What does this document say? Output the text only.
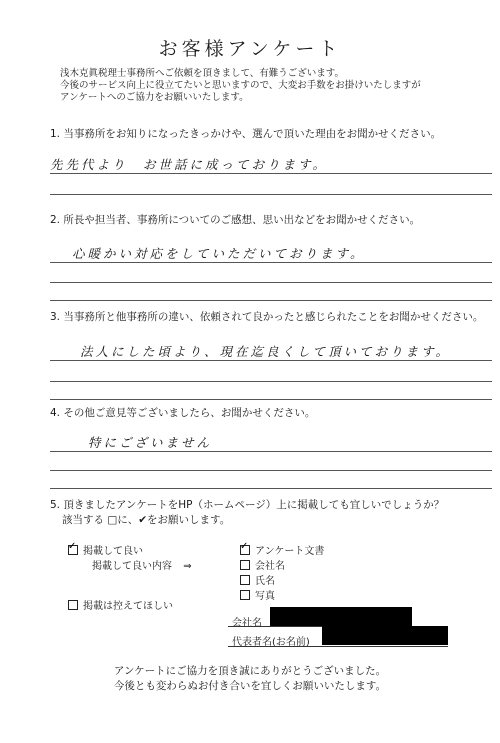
お客様アンケート
浅木克眞税理士事務所へご依頼を頂きまして、有難うございます。
今後のサービス向上に役立てたいと思いますので、大変お手数をお掛けいたしますが
アンケートへのご協力をお願いいたします。
1. 当事務所をお知りになったきっかけや、選んで頂いた理由をお聞かせください。
先先代より　お世話に成っております。
2. 所長や担当者、事務所についてのご感想、思い出などをお聞かせください。
心暖かい対応をしていただいております。
3. 当事務所と他事務所の違い、依頼されて良かったと感じられたことをお聞かせください。
法人にした頃より、現在迄良くして頂いております。
4. その他ご意見等ございましたら、お聞かせください。
特にございません
5. 頂きましたアンケートをHP（ホームページ）上に掲載しても宜しいでしょうか？
該当する □に、✔をお願いします。
✓掲載して良い
掲載して良い内容 ⇒
✓アンケート文書
会社名
氏名
写真
掲載は控えてほしい
会社名
代表者名(お名前)
アンケートにご協力を頂き誠にありがとうございました。
今後とも変わらぬお付き合いを宜しくお願いいたします。
